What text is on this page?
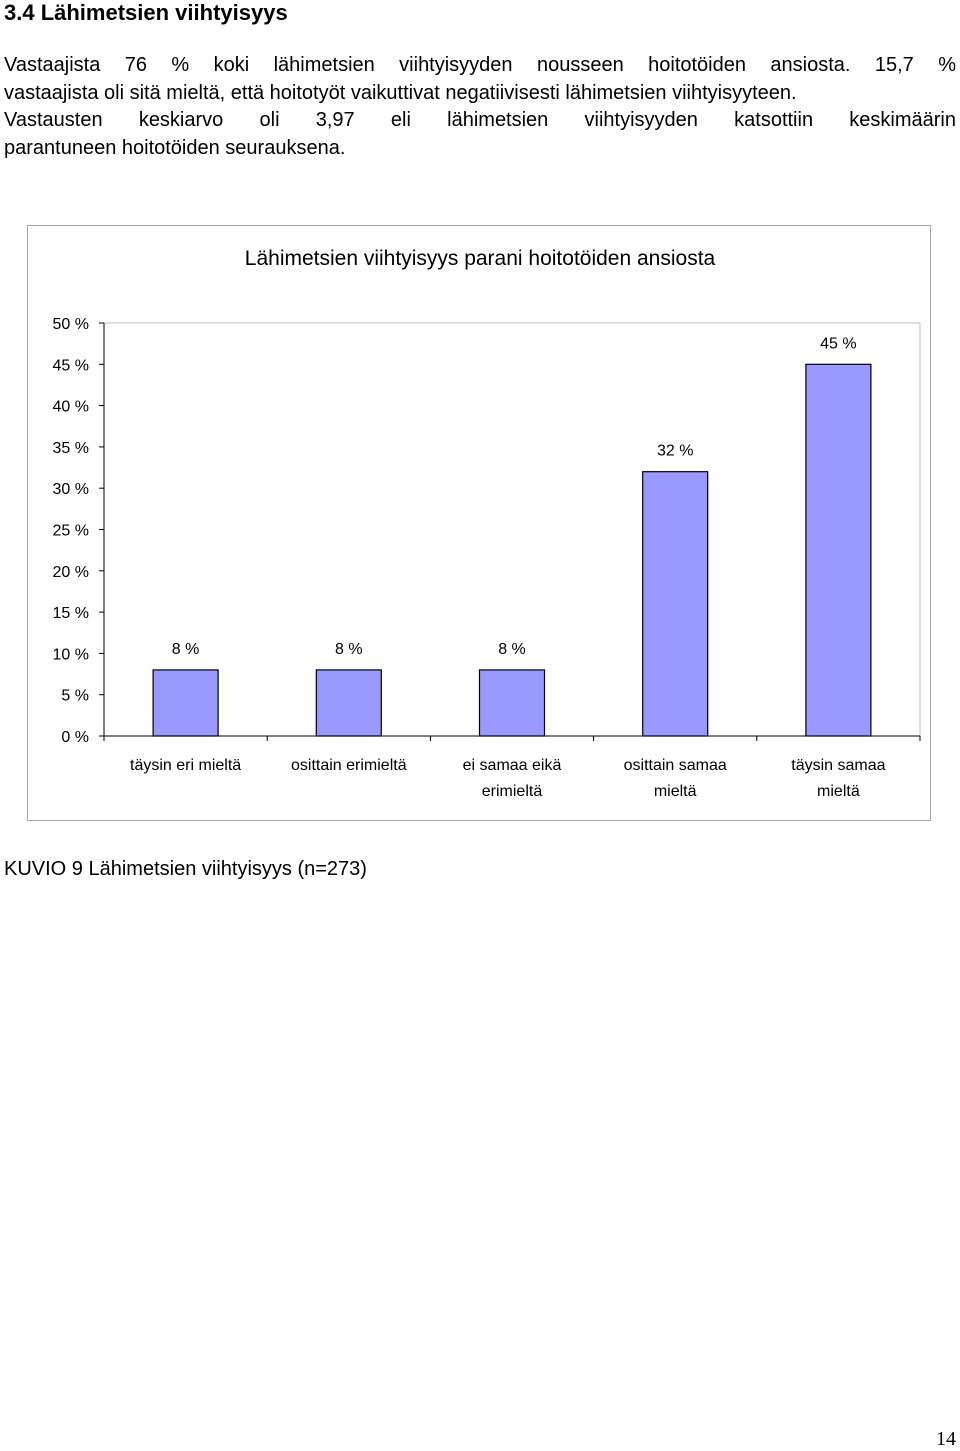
3.4 Lähimetsien viihtyisyys
Vastaajista 76 % koki lähimetsien viihtyisyyden nousseen hoitotöiden ansiosta. 15,7 %
vastaajista oli sitä mieltä, että hoitotyöt vaikuttivat negatiivisesti lähimetsien viihtyisyyteen.
Vastausten keskiarvo oli 3,97 eli lähimetsien viihtyisyyden katsottiin keskimäärin
parantuneen hoitotöiden seurauksena.
Lähimetsien viihtyisyys parani hoitotöiden ansiosta
0 %
5 %
10 %
15 %
20 %
25 %
30 %
35 %
40 %
45 %
50 %
8 %
täysin eri mieltä
8 %
osittain erimieltä
8 %
ei samaa eikä
erimieltä
32 %
osittain samaa
mieltä
45 %
täysin samaa
mieltä
KUVIO 9 Lähimetsien viihtyisyys (n=273)
14
